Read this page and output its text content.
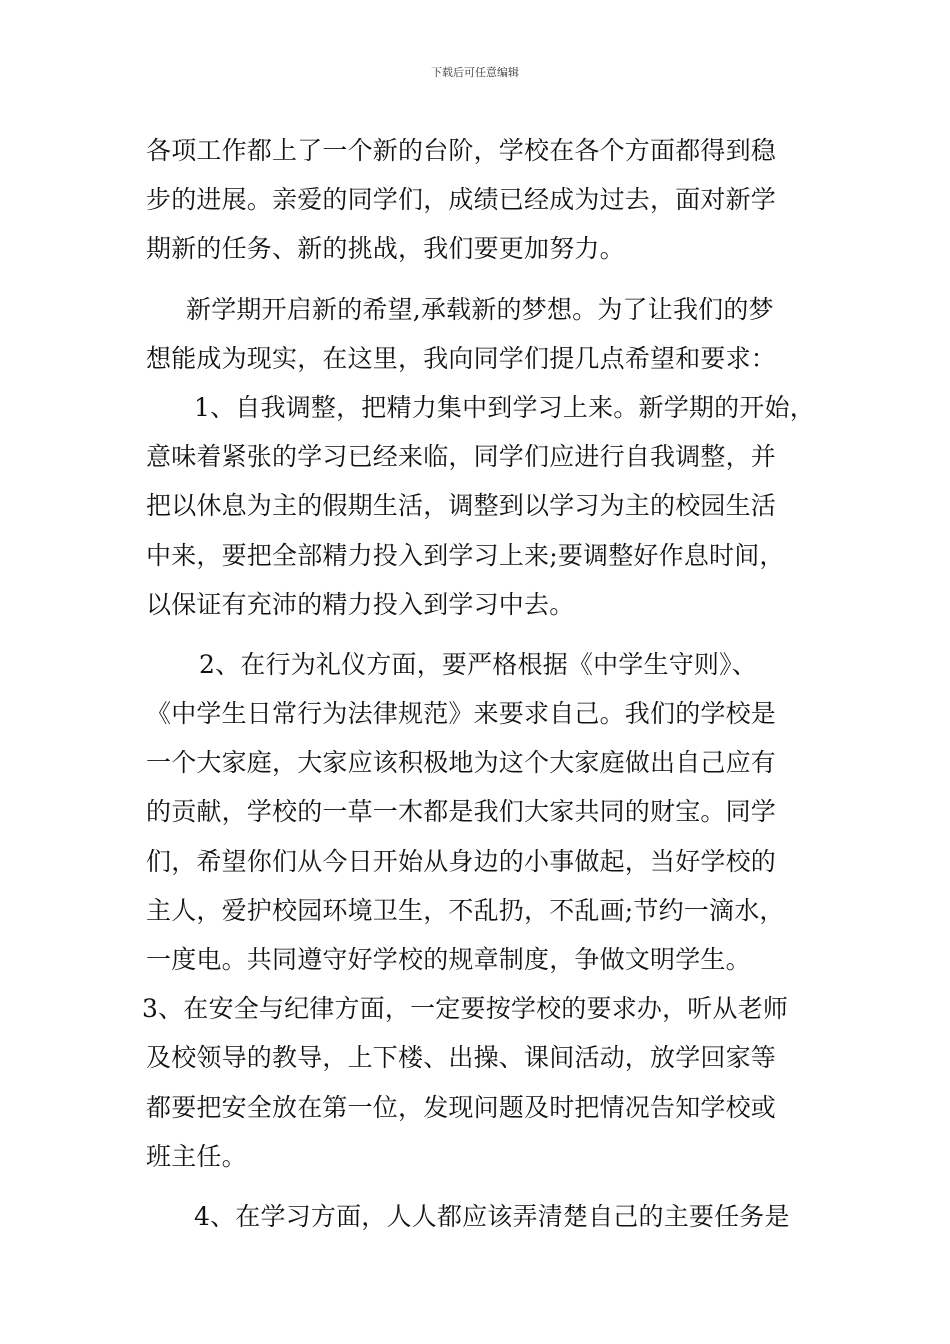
下载后可任意编辑
各项工作都上了一个新的台阶，学校在各个方面都得到稳
步的进展。亲爱的同学们，成绩已经成为过去，面对新学
期新的任务、新的挑战，我们要更加努力。
新学期开启新的希望,承载新的梦想。为了让我们的梦
想能成为现实，在这里，我向同学们提几点希望和要求：
1、自我调整，把精力集中到学习上来。新学期的开始，
意味着紧张的学习已经来临，同学们应进行自我调整，并
把以休息为主的假期生活，调整到以学习为主的校园生活
中来，要把全部精力投入到学习上来;要调整好作息时间，
以保证有充沛的精力投入到学习中去。
2、在行为礼仪方面，要严格根据《中学生守则》、
《中学生日常行为法律规范》来要求自己。我们的学校是
一个大家庭，大家应该积极地为这个大家庭做出自己应有
的贡献，学校的一草一木都是我们大家共同的财宝。同学
们，希望你们从今日开始从身边的小事做起，当好学校的
主人，爱护校园环境卫生，不乱扔，不乱画;节约一滴水，
一度电。共同遵守好学校的规章制度，争做文明学生。
3、在安全与纪律方面，一定要按学校的要求办，听从老师
及校领导的教导，上下楼、出操、课间活动，放学回家等
都要把安全放在第一位，发现问题及时把情况告知学校或
班主任。
4、在学习方面，人人都应该弄清楚自己的主要任务是
